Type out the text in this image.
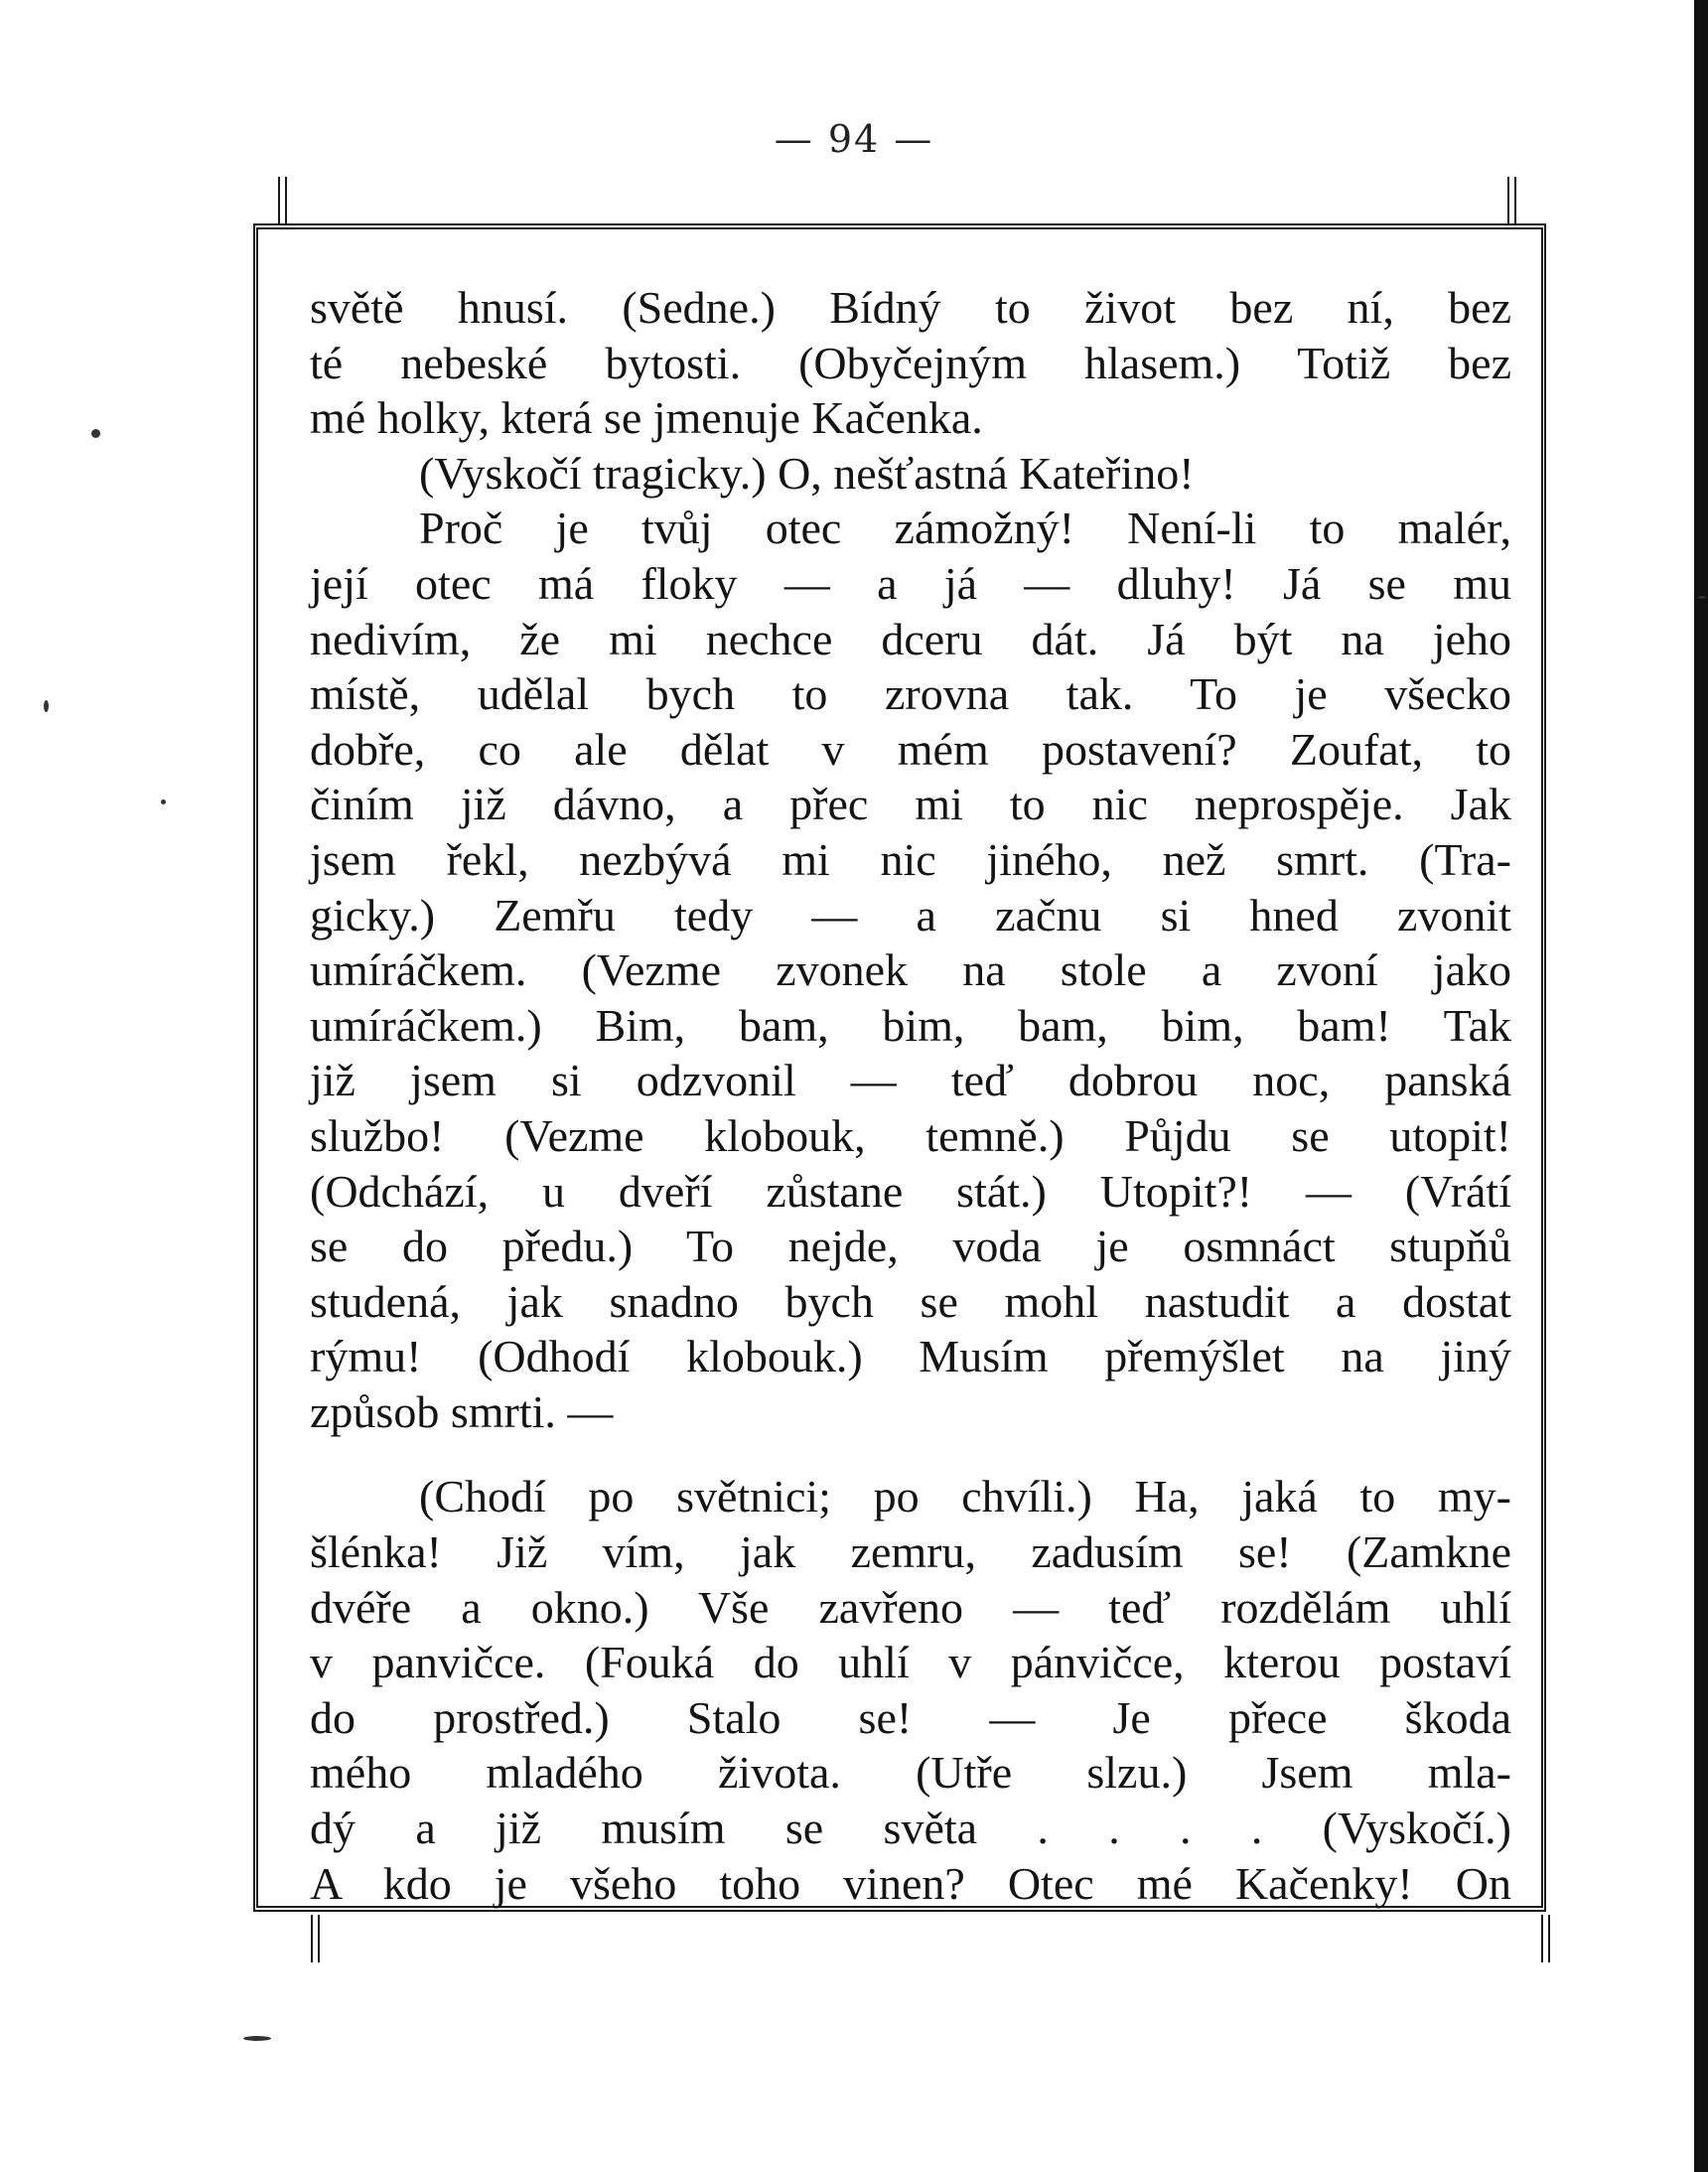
— 94 —
světě hnusí. (Sedne.) Bídný to život bez ní, bez
té nebeské bytosti. (Obyčejným hlasem.) Totiž bez
mé holky, která se jmenuje Kačenka.
(Vyskočí tragicky.) O, nešťastná Kateřino!
Proč je tvůj otec zámožný! Není-li to malér,
její otec má floky — a já — dluhy! Já se mu
nedivím, že mi nechce dceru dát. Já být na jeho
místě, udělal bych to zrovna tak. To je všecko
dobře, co ale dělat v mém postavení? Zoufat, to
činím již dávno, a přec mi to nic neprospěje. Jak
jsem řekl, nezbývá mi nic jiného, než smrt. (Tra-
gicky.) Zemřu tedy — a začnu si hned zvonit
umíráčkem. (Vezme zvonek na stole a zvoní jako
umíráčkem.) Bim, bam, bim, bam, bim, bam! Tak
již jsem si odzvonil — teď dobrou noc, panská
službo! (Vezme klobouk, temně.) Půjdu se utopit!
(Odchází, u dveří zůstane stát.) Utopit?! — (Vrátí
se do předu.) To nejde, voda je osmnáct stupňů
studená, jak snadno bych se mohl nastudit a dostat
rýmu! (Odhodí klobouk.) Musím přemýšlet na jiný
způsob smrti. —
(Chodí po světnici; po chvíli.) Ha, jaká to my-
šlénka! Již vím, jak zemru, zadusím se! (Zamkne
dvéře a okno.) Vše zavřeno — teď rozdělám uhlí
v panvičce. (Fouká do uhlí v pánvičce, kterou postaví
do prostřed.) Stalo se! — Je přece škoda
mého mladého života. (Utře slzu.) Jsem mla-
dý a již musím se světa . . . . (Vyskočí.)
A kdo je všeho toho vinen? Otec mé Kačenky! On
